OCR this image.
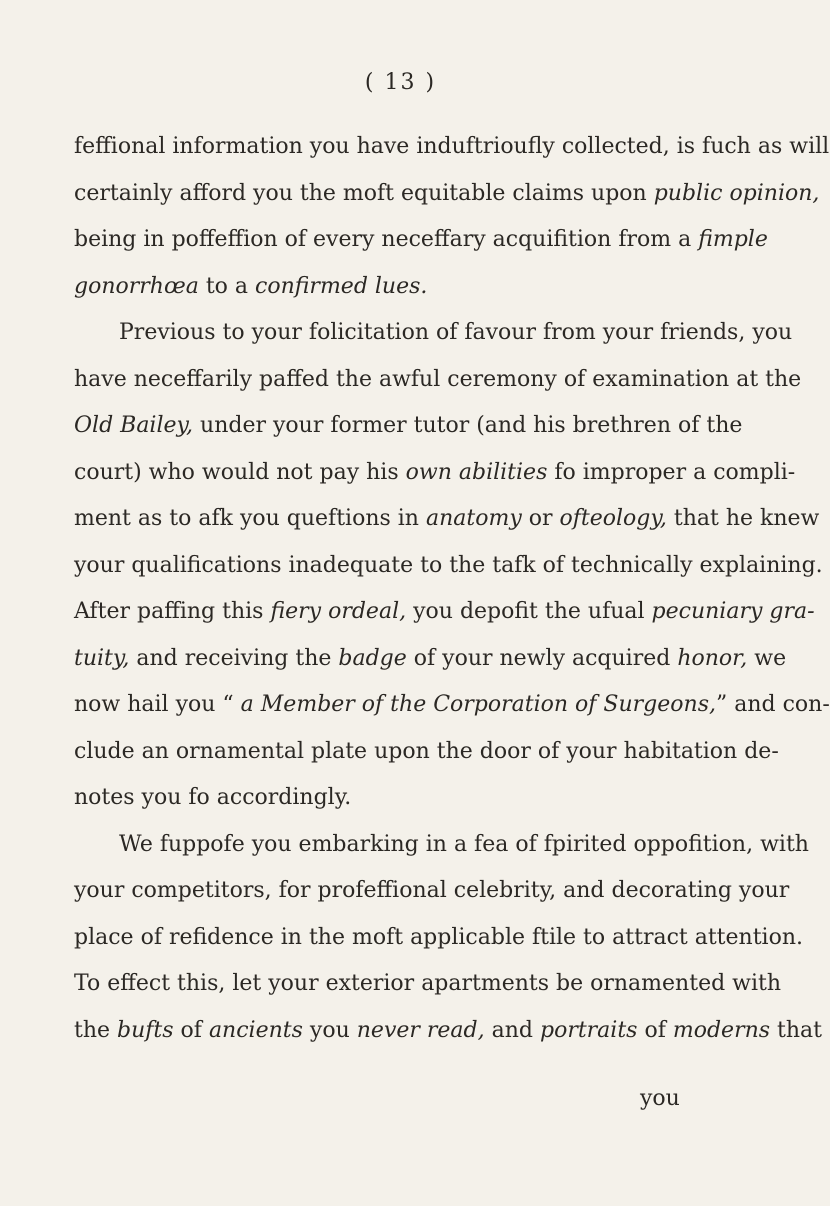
( 13 )
feffional information you have induftrioufly collected, is fuch as will
certainly afford you the moft equitable claims upon public opinion,
being in poffeffion of every neceffary acquifition from a fimple
gonorrhœa to a confirmed lues.
Previous to your folicitation of favour from your friends, you
have neceffarily paffed the awful ceremony of examination at the
Old Bailey, under your former tutor (and his brethren of the
court) who would not pay his own abilities fo improper a compli-
ment as to afk you queftions in anatomy or ofteology, that he knew
your qualifications inadequate to the tafk of technically explaining.
After paffing this fiery ordeal, you depofit the ufual pecuniary gra-
tuity, and receiving the badge of your newly acquired honor, we
now hail you “ a Member of the Corporation of Surgeons,” and con-
clude an ornamental plate upon the door of your habitation de-
notes you fo accordingly.
We fuppofe you embarking in a fea of fpirited oppofition, with
your competitors, for profeffional celebrity, and decorating your
place of refidence in the moft applicable ftile to attract attention.
To effect this, let your exterior apartments be ornamented with
the bufts of ancients you never read, and portraits of moderns that
you
